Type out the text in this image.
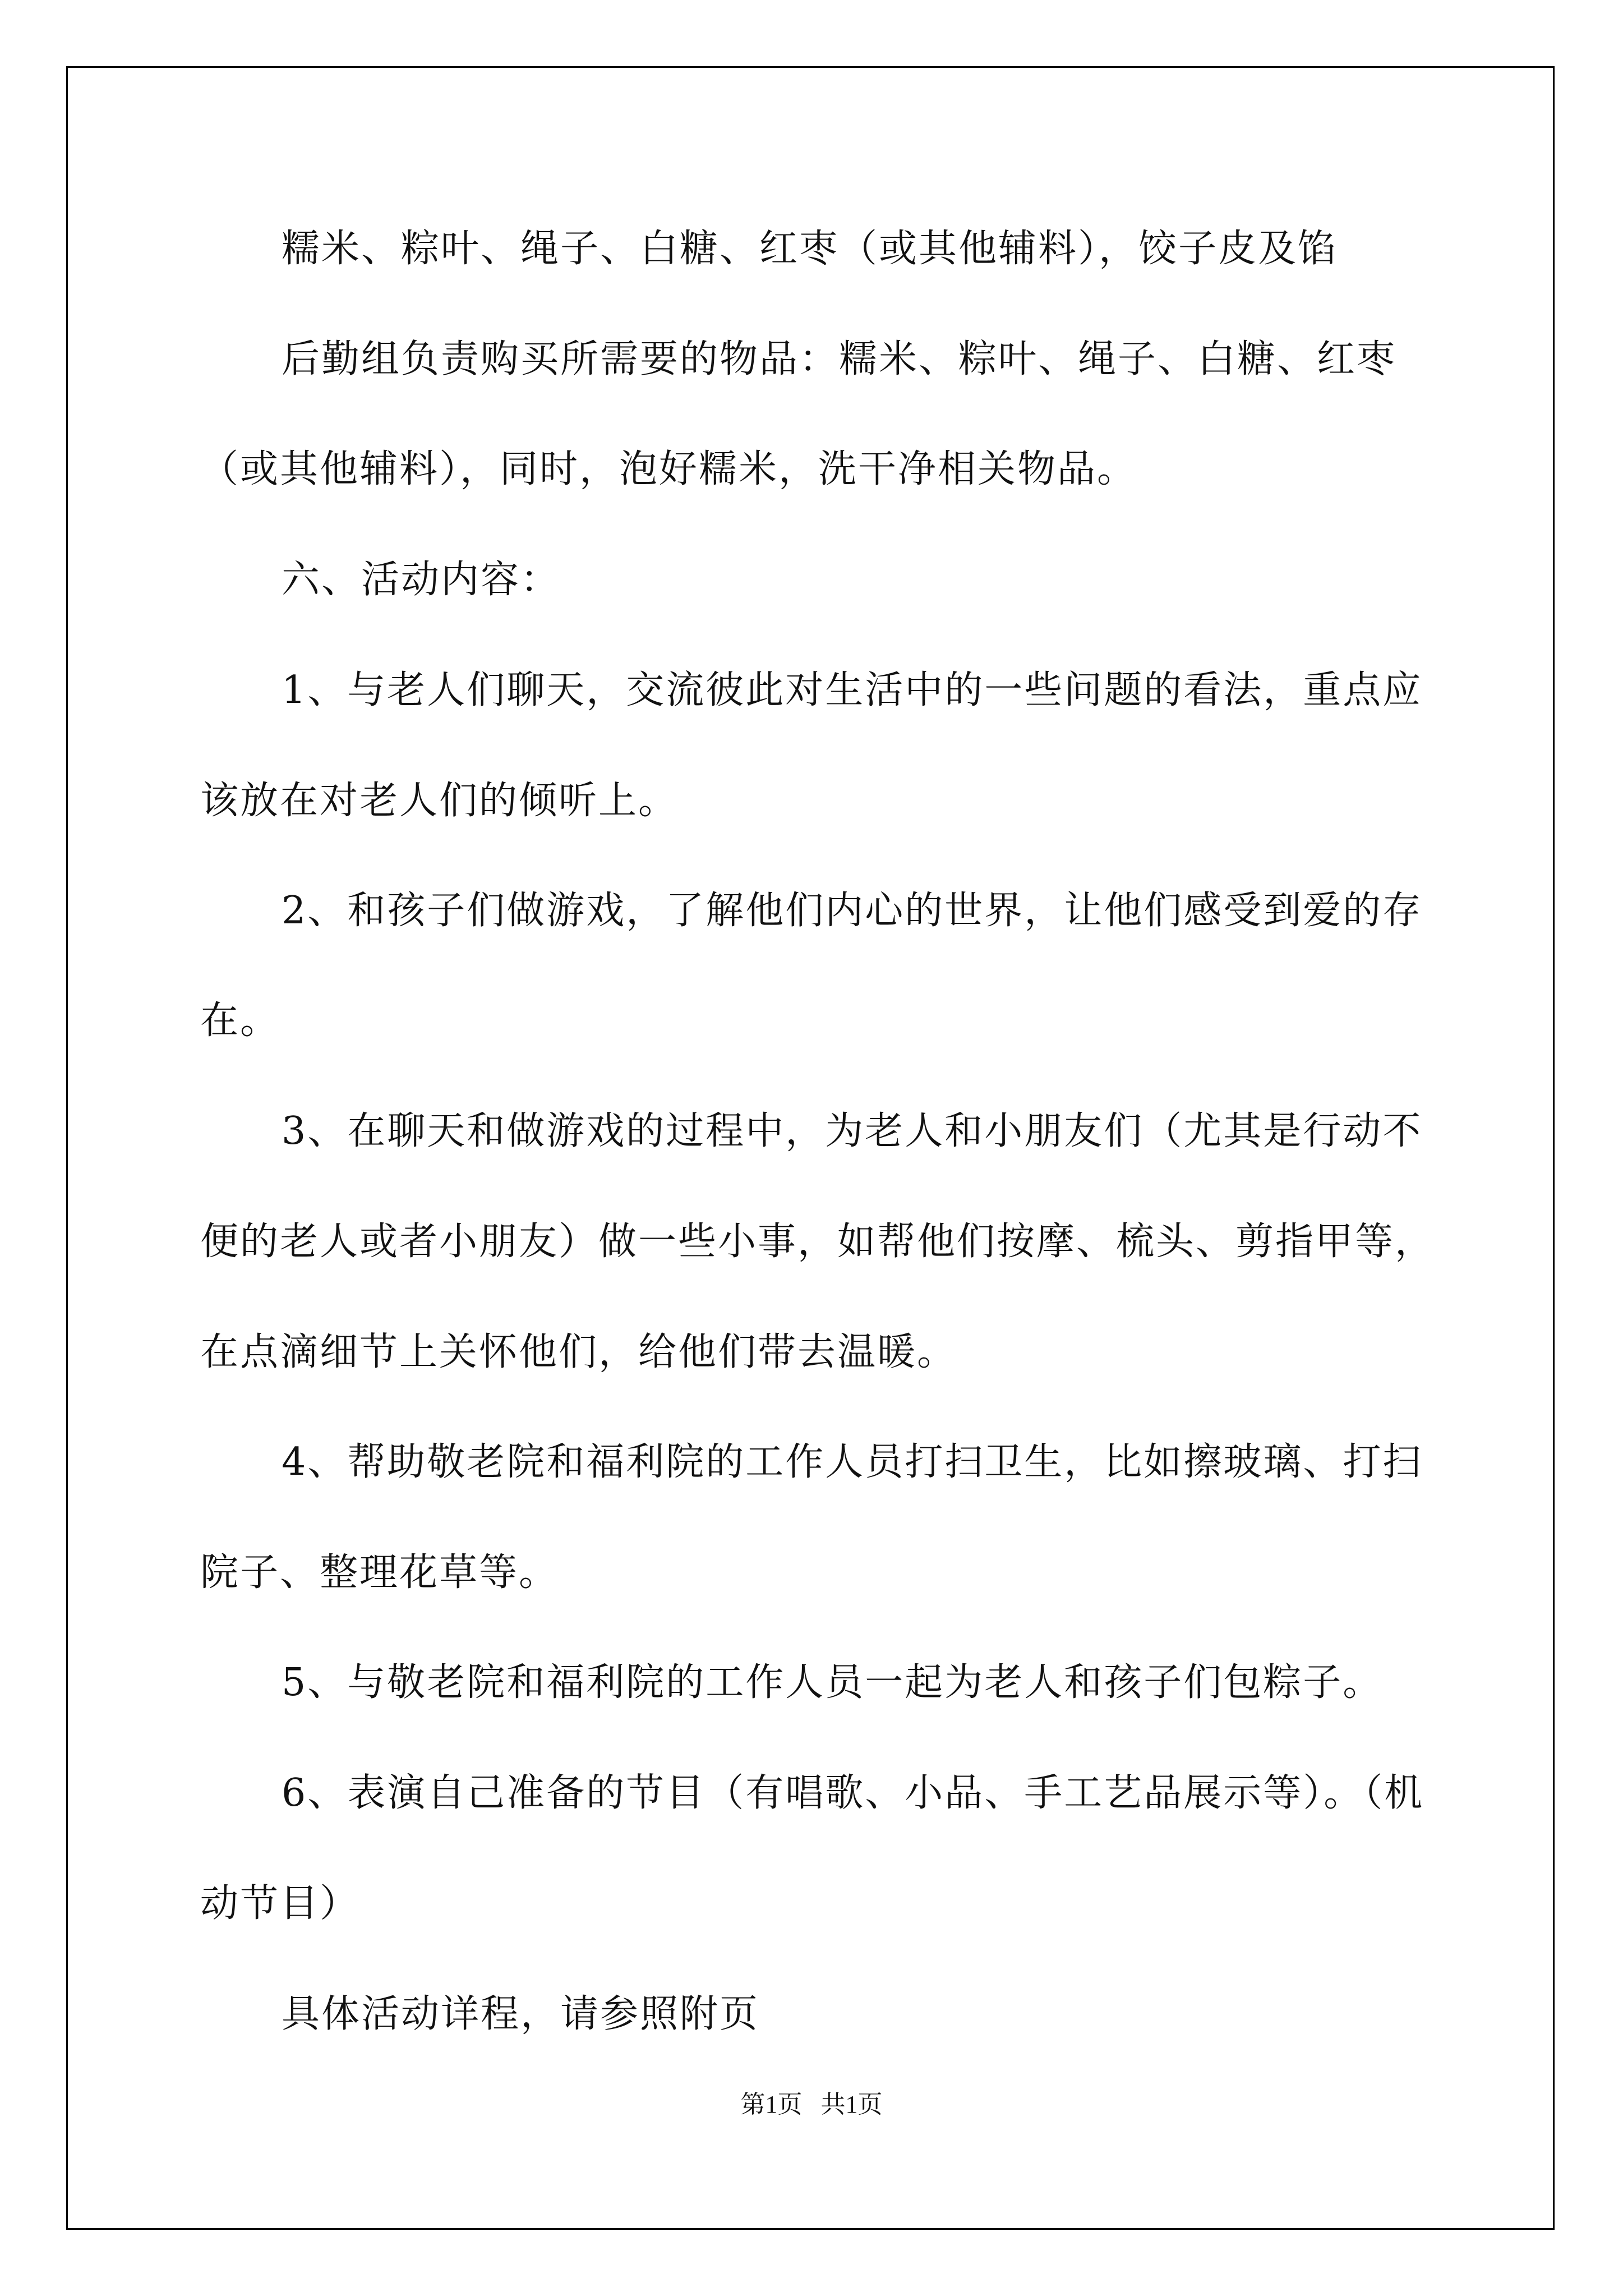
糯米、粽叶、绳子、白糖、红枣（或其他辅料），饺子皮及馅
后勤组负责购买所需要的物品：糯米、粽叶、绳子、白糖、红枣
（或其他辅料），同时，泡好糯米，洗干净相关物品。
六、活动内容：
1、与老人们聊天，交流彼此对生活中的一些问题的看法，重点应
该放在对老人们的倾听上。
2、和孩子们做游戏，了解他们内心的世界，让他们感受到爱的存
在。
3、在聊天和做游戏的过程中，为老人和小朋友们（尤其是行动不
便的老人或者小朋友）做一些小事，如帮他们按摩、梳头、剪指甲等，
在点滴细节上关怀他们，给他们带去温暖。
4、帮助敬老院和福利院的工作人员打扫卫生，比如擦玻璃、打扫
院子、整理花草等。
5、与敬老院和福利院的工作人员一起为老人和孩子们包粽子。
6、表演自己准备的节目（有唱歌、小品、手工艺品展示等）。（机
动节目）
具体活动详程，请参照附页
第1页   共1页
